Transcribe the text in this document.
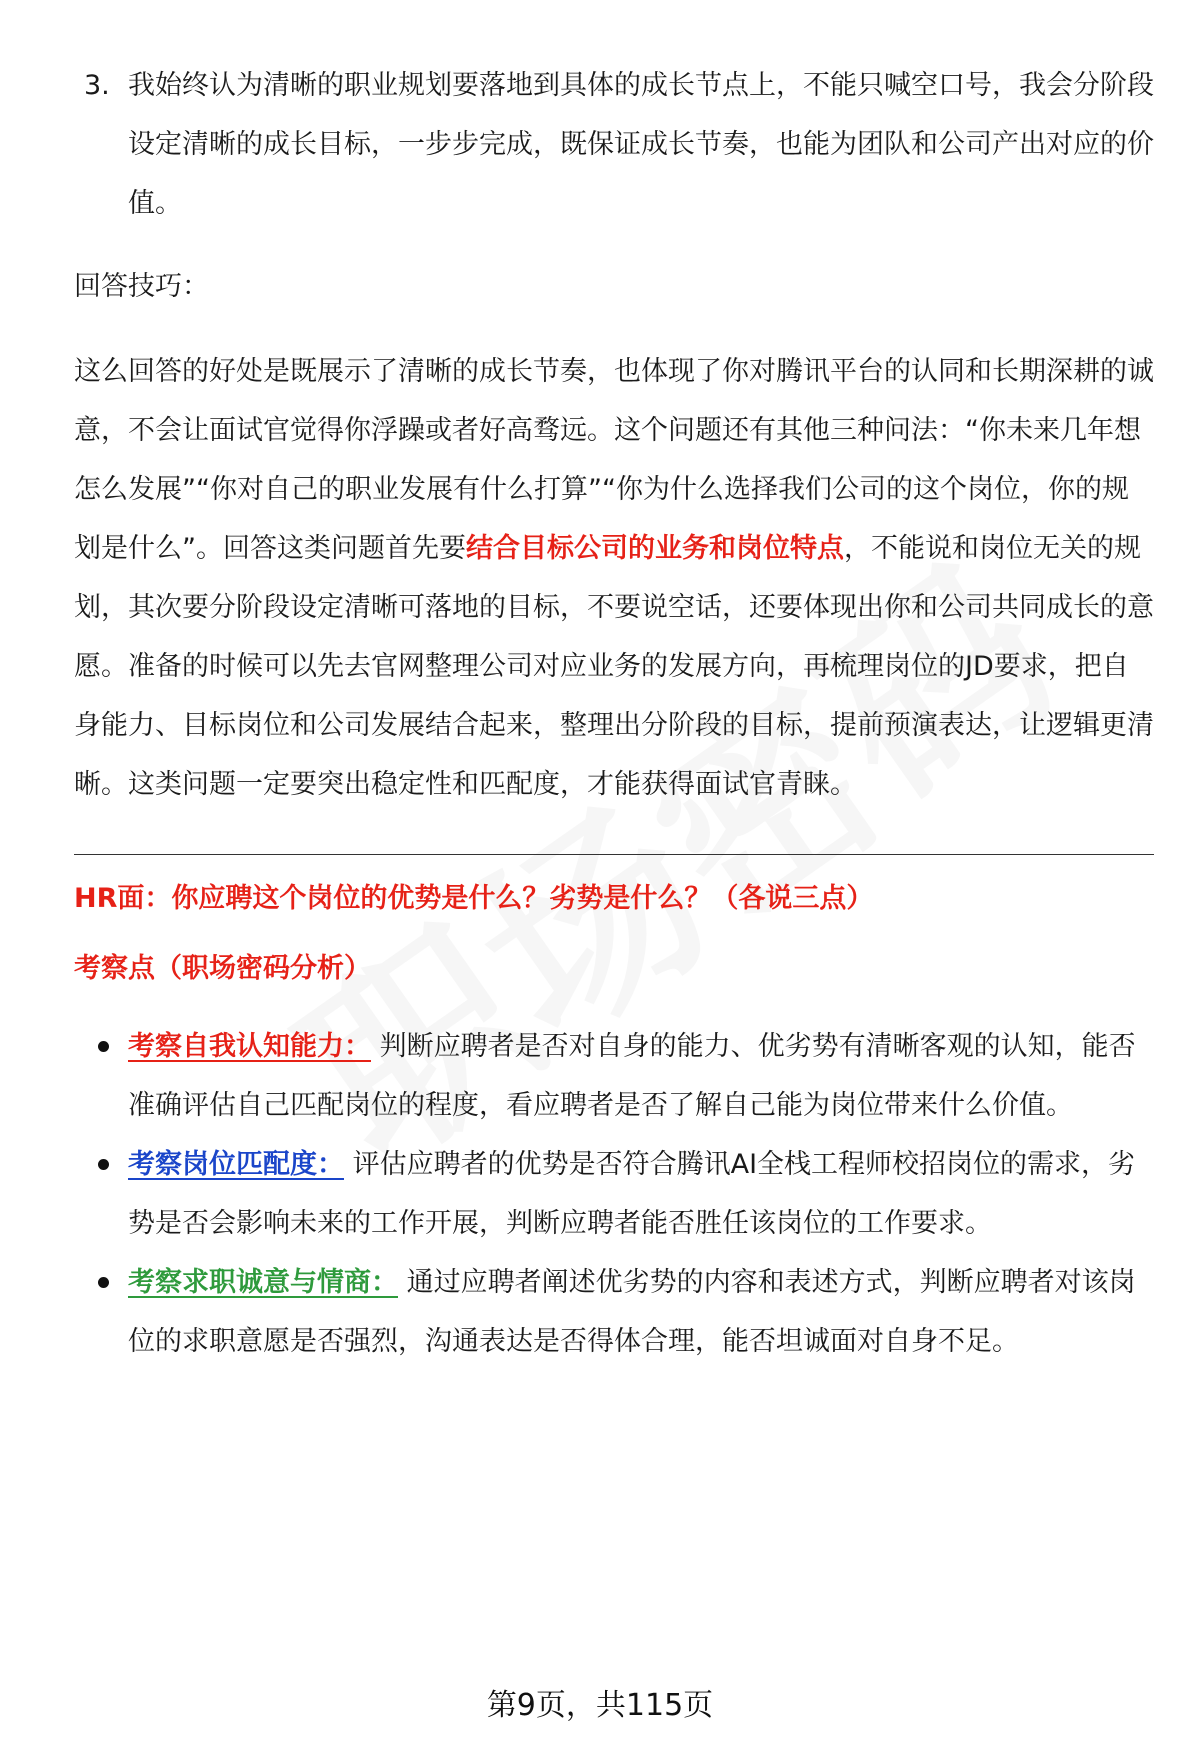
3. 我始终认为清晰的职业规划要落地到具体的成长节点上，不能只喊空口号，我会分阶段设定清晰的成长目标，一步步完成，既保证成长节奏，也能为团队和公司产出对应的价值。

回答技巧：

这么回答的好处是既展示了清晰的成长节奏，也体现了你对腾讯平台的认同和长期深耕的诚意，不会让面试官觉得你浮躁或者好高骛远。这个问题还有其他三种问法：“你未来几年想怎么发展”“你对自己的职业发展有什么打算”“你为什么选择我们公司的这个岗位，你的规划是什么”。回答这类问题首先要结合目标公司的业务和岗位特点，不能说和岗位无关的规划，其次要分阶段设定清晰可落地的目标，不要说空话，还要体现出你和公司共同成长的意愿。准备的时候可以先去官网整理公司对应业务的发展方向，再梳理岗位的JD要求，把自身能力、目标岗位和公司发展结合起来，整理出分阶段的目标，提前预演表达，让逻辑更清晰。这类问题一定要突出稳定性和匹配度，才能获得面试官青睐。

HR面：你应聘这个岗位的优势是什么？劣势是什么？（各说三点）

考察点（职场密码分析）

考察自我认知能力： 判断应聘者是否对自身的能力、优劣势有清晰客观的认知，能否准确评估自己匹配岗位的程度，看应聘者是否了解自己能为岗位带来什么价值。
考察岗位匹配度： 评估应聘者的优势是否符合腾讯AI全栈工程师校招岗位的需求，劣势是否会影响未来的工作开展，判断应聘者能否胜任该岗位的工作要求。
考察求职诚意与情商： 通过应聘者阐述优劣势的内容和表述方式，判断应聘者对该岗位的求职意愿是否强烈，沟通表达是否得体合理，能否坦诚面对自身不足。
第9页，共115页
